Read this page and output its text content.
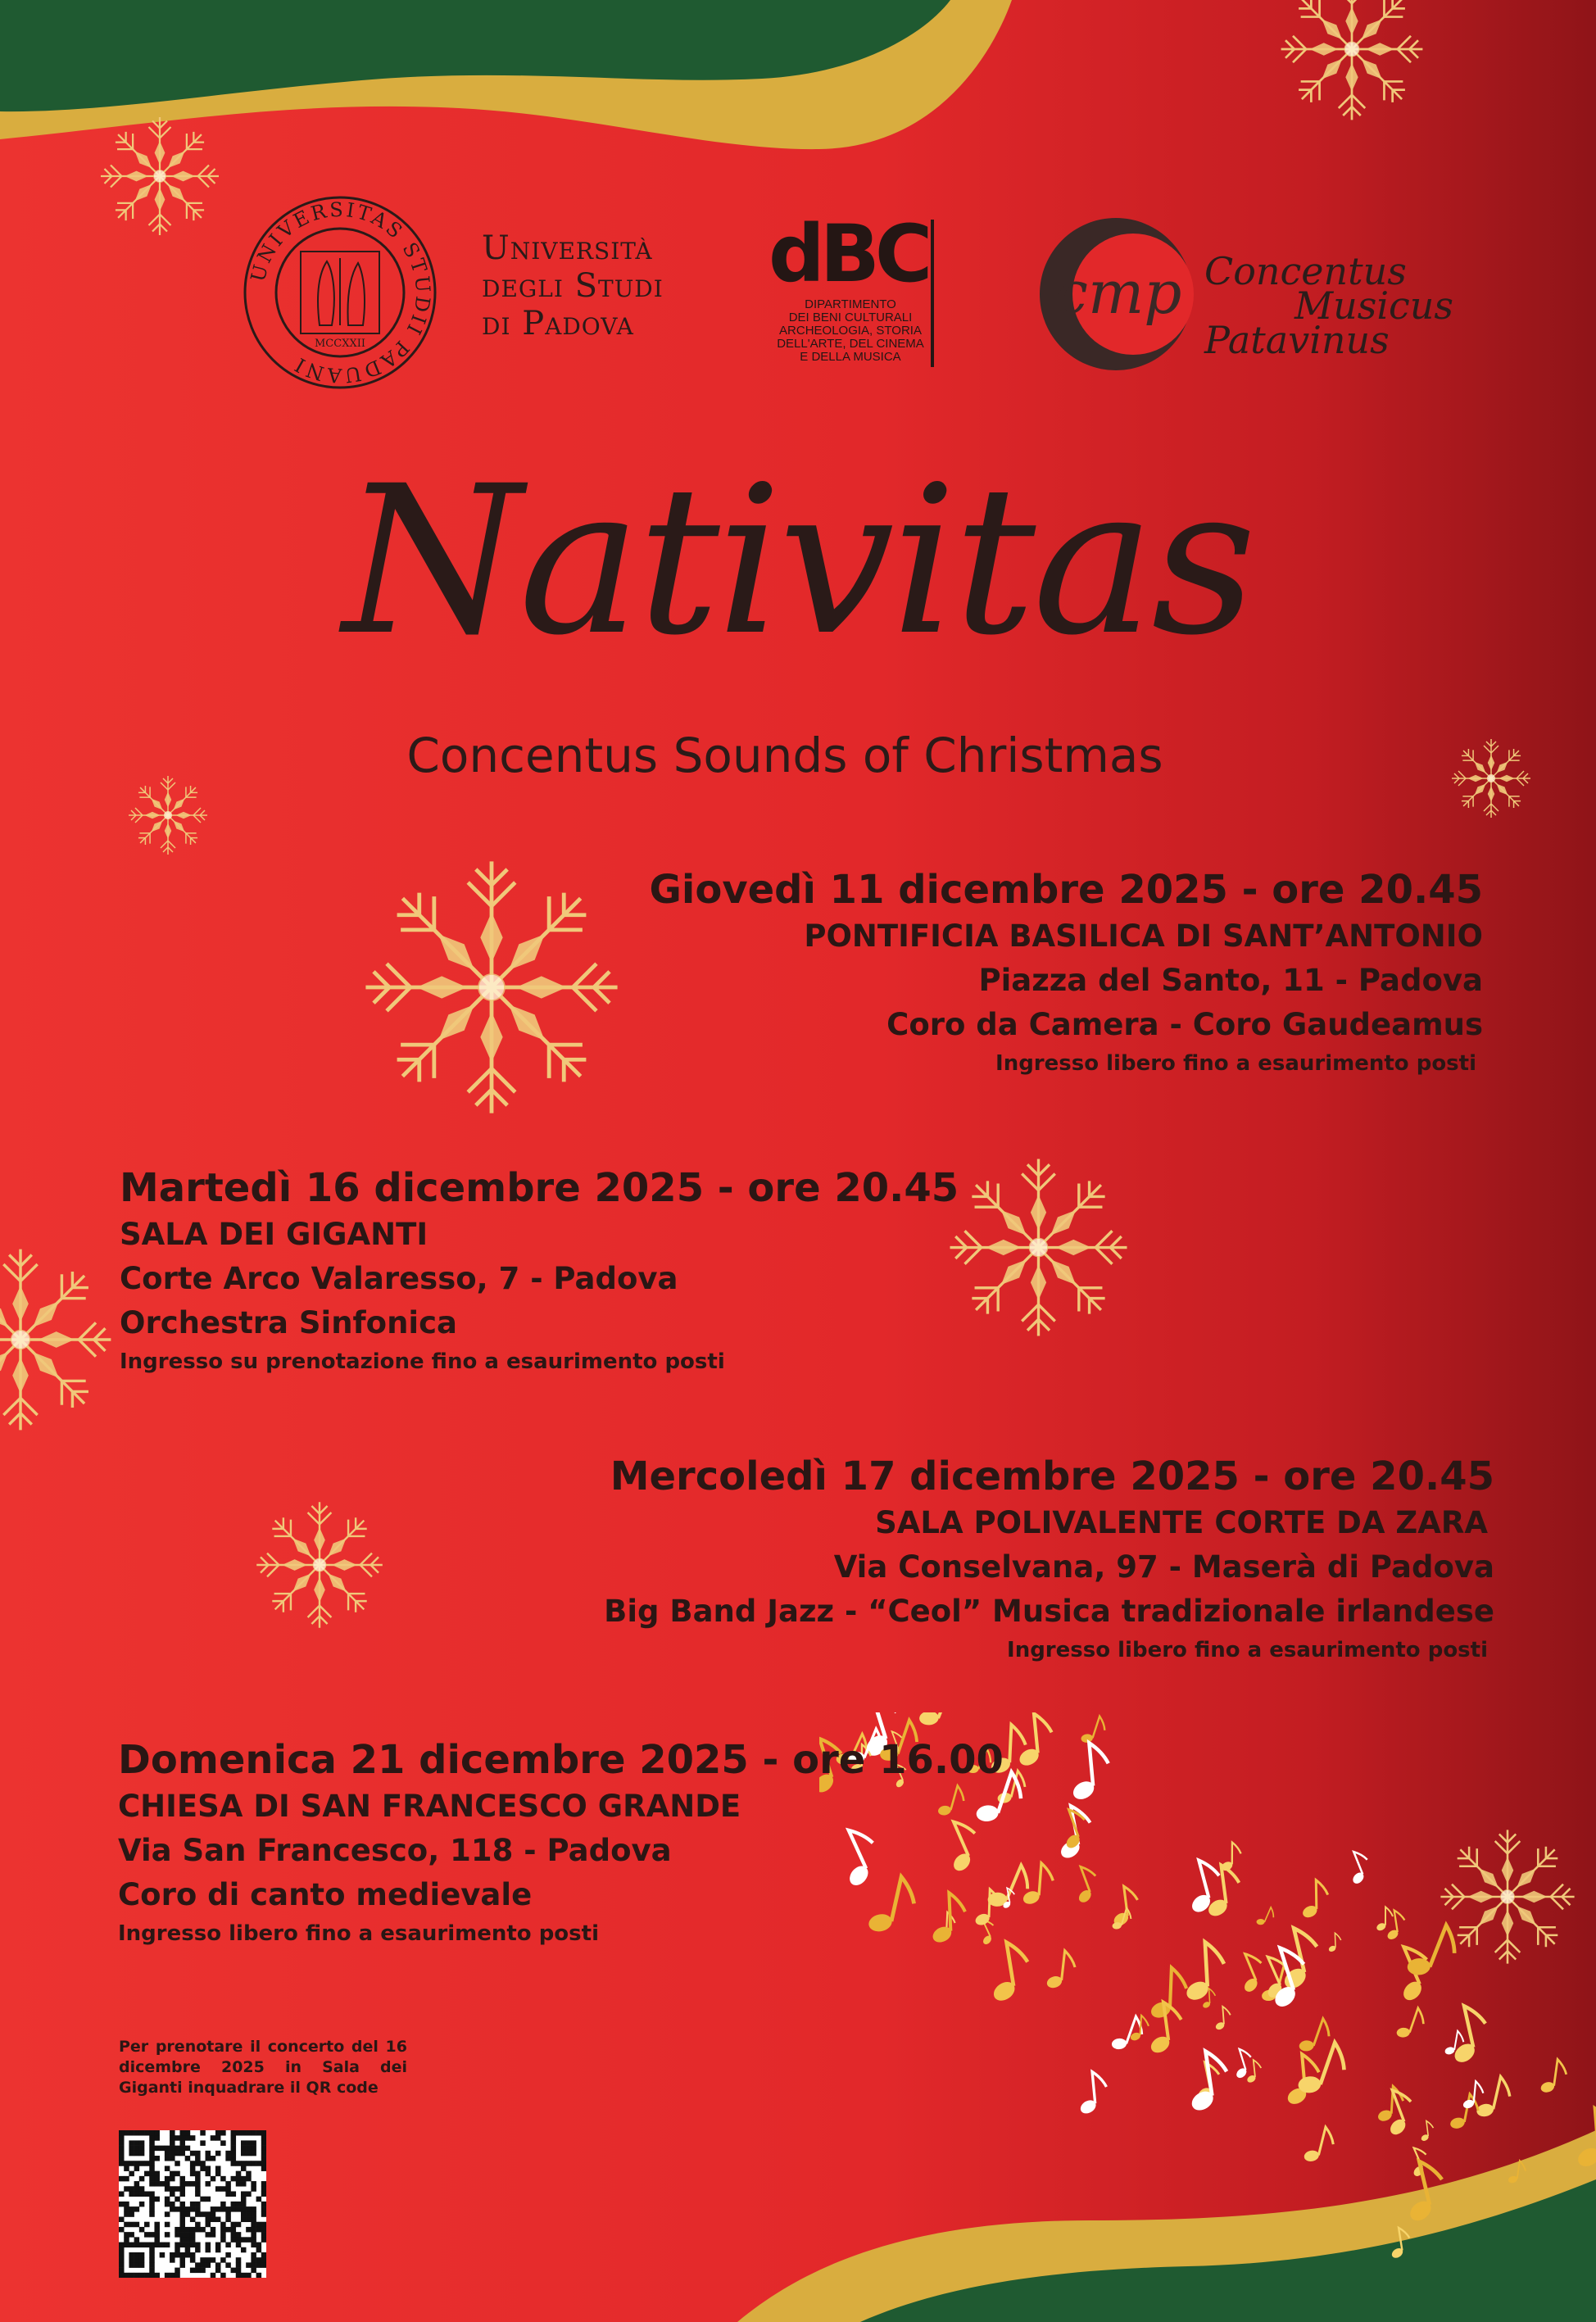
UNIVERSITAS STUDII PADUANI
MCCXXII
Università
degli Studi
di Padova
dBC
DIPARTIMENTO
DEI BENI CULTURALI
ARCHEOLOGIA, STORIA
DELL'ARTE, DEL CINEMA
E DELLA MUSICA
cmp Concentus
Musicus
Patavinus
Nativitas
Concentus Sounds of Christmas
Giovedì 11 dicembre 2025 - ore 20.45
PONTIFICIA BASILICA DI SANT’ANTONIO
Piazza del Santo, 11 - Padova
Coro da Camera - Coro Gaudeamus
Ingresso libero fino a esaurimento posti
Martedì 16 dicembre 2025 - ore 20.45
SALA DEI GIGANTI
Corte Arco Valaresso, 7 - Padova
Orchestra Sinfonica
Ingresso su prenotazione fino a esaurimento posti
Mercoledì 17 dicembre 2025 - ore 20.45
SALA POLIVALENTE CORTE DA ZARA
Via Conselvana, 97 - Maserà di Padova
Big Band Jazz - “Ceol” Musica tradizionale irlandese
Ingresso libero fino a esaurimento posti
Domenica 21 dicembre 2025 - ore 16.00
CHIESA DI SAN FRANCESCO GRANDE
Via San Francesco, 118 - Padova
Coro di canto medievale
Ingresso libero fino a esaurimento posti
Per prenotare il concerto del 16 dicembre 2025 in Sala dei Giganti inquadrare il QR code
